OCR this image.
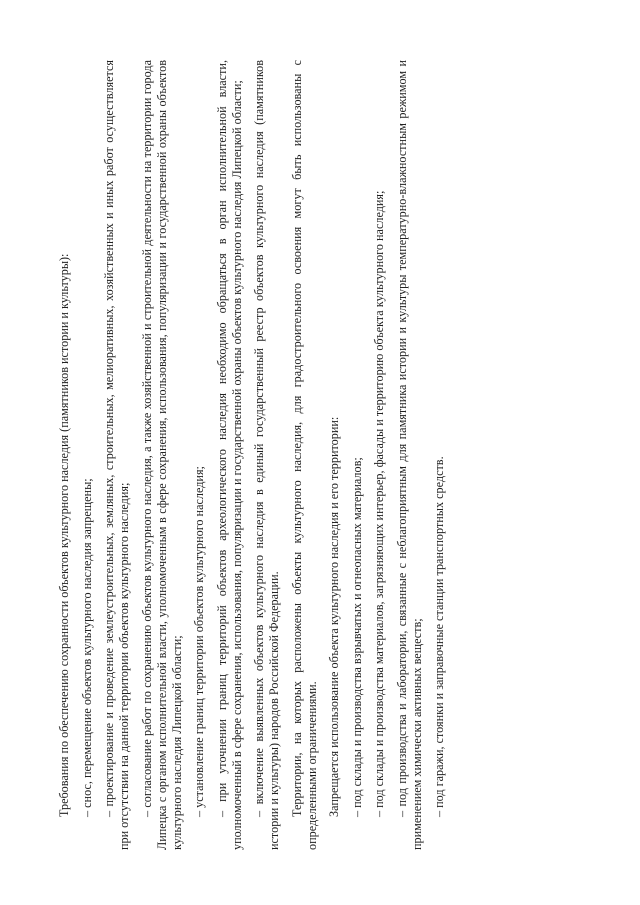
Требования по обеспечению сохранности объектов культурного наследия (памятников истории и культуры): – снос, перемещение объектов культурного наследия запрещены; – проектирование и проведение землеустроительных, земляных, строительных, мелиоративных, хозяйственных и иных работ осуществляется при отсутствии на данной территории объектов культурного наследия; – согласование работ по сохранению объектов культурного наследия, а также хозяйственной и строительной деятельности на территории города Липецка с органом исполнительной власти, уполномоченным в сфере сохранения, использования, популяризации и государственной охраны объектов культурного наследия Липецкой области; – установление границ территории объектов культурного наследия; – при уточнении границ территорий объектов археологического наследия необходимо обращаться в орган исполнительной власти, уполномоченный в сфере сохранения, использования, популяризации и государственной охраны объектов культурного наследия Липецкой области; – включение выявленных объектов культурного наследия в единый государственный реестр объектов культурного наследия (памятников истории и культуры) народов Российской Федерации. Территории, на которых расположены объекты культурного наследия, для градостроительного освоения могут быть использованы с определенными ограничениями. Запрещается использование объекта культурного наследия и его территории: – под склады и производства взрывчатых и огнеопасных материалов; – под склады и производства материалов, загрязняющих интерьер, фасады и территорию объекта культурного наследия; – под производства и лаборатории, связанные с неблагоприятным для памятника истории и культуры температурно-влажностным режимом и применением химически активных веществ; – под гаражи, стоянки и заправочные станции транспортных средств.
